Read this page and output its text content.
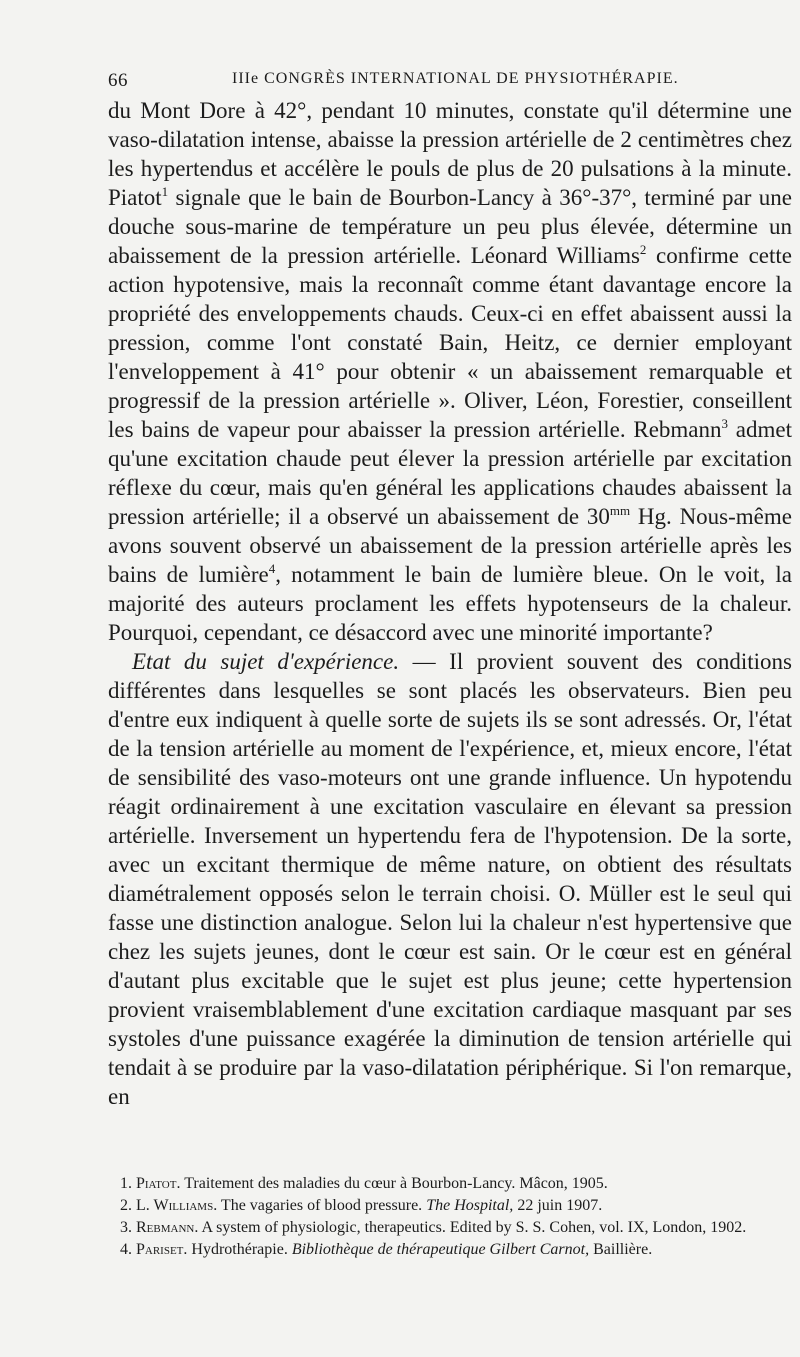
66	IIIe CONGRÈS INTERNATIONAL DE PHYSIOTHÉRAPIE.

du Mont Dore à 42°, pendant 10 minutes, constate qu'il détermine une vaso-dilatation intense, abaisse la pression artérielle de 2 centimètres chez les hypertendus et accélère le pouls de plus de 20 pulsations à la minute. Piatot$^1$ signale que le bain de Bourbon-Lancy à 36°-37°, terminé par une douche sous-marine de température un peu plus élevée, détermine un abaissement de la pression artérielle. Léonard Williams$^2$ confirme cette action hypotensive, mais la reconnaît comme étant davantage encore la propriété des enveloppements chauds. Ceux-ci en effet abaissent aussi la pression, comme l'ont constaté Bain, Heitz, ce dernier employant l'enveloppement à 41° pour obtenir « un abaissement remarquable et progressif de la pression artérielle ». Oliver, Léon, Forestier, conseillent les bains de vapeur pour abaisser la pression artérielle. Rebmann$^3$ admet qu'une excitation chaude peut élever la pression artérielle par excitation réflexe du cœur, mais qu'en général les applications chaudes abaissent la pression artérielle; il a observé un abaissement de $30^{mm}$ Hg. Nous-même avons souvent observé un abaissement de la pression artérielle après les bains de lumière$^4$, notamment le bain de lumière bleue. On le voit, la majorité des auteurs proclament les effets hypotenseurs de la chaleur. Pourquoi, cependant, ce désaccord avec une minorité importante?

Etat du sujet d'expérience. — Il provient souvent des conditions différentes dans lesquelles se sont placés les observateurs. Bien peu d'entre eux indiquent à quelle sorte de sujets ils se sont adressés. Or, l'état de la tension artérielle au moment de l'expérience, et, mieux encore, l'état de sensibilité des vaso-moteurs ont une grande influence. Un hypotendu réagit ordinairement à une excitation vasculaire en élevant sa pression artérielle. Inversement un hypertendu fera de l'hypotension. De la sorte, avec un excitant thermique de même nature, on obtient des résultats diamétralement opposés selon le terrain choisi. O. Müller est le seul qui fasse une distinction analogue. Selon lui la chaleur n'est hypertensive que chez les sujets jeunes, dont le cœur est sain. Or le cœur est en général d'autant plus excitable que le sujet est plus jeune; cette hypertension provient vraisemblablement d'une excitation cardiaque masquant par ses systoles d'une puissance exagérée la diminution de tension artérielle qui tendait à se produire par la vaso-dilatation périphérique. Si l'on remarque, en

1. Piatot. Traitement des maladies du cœur à Bourbon-Lancy. Mâcon, 1905.

2. L. Williams. The vagaries of blood pressure. The Hospital, 22 juin 1907.

3. Rebmann. A system of physiologic, therapeutics. Edited by S. S. Cohen, vol. IX, London, 1902.

4. Pariset. Hydrothérapie. Bibliothèque de thérapeutique Gilbert Carnot, Baillière.
